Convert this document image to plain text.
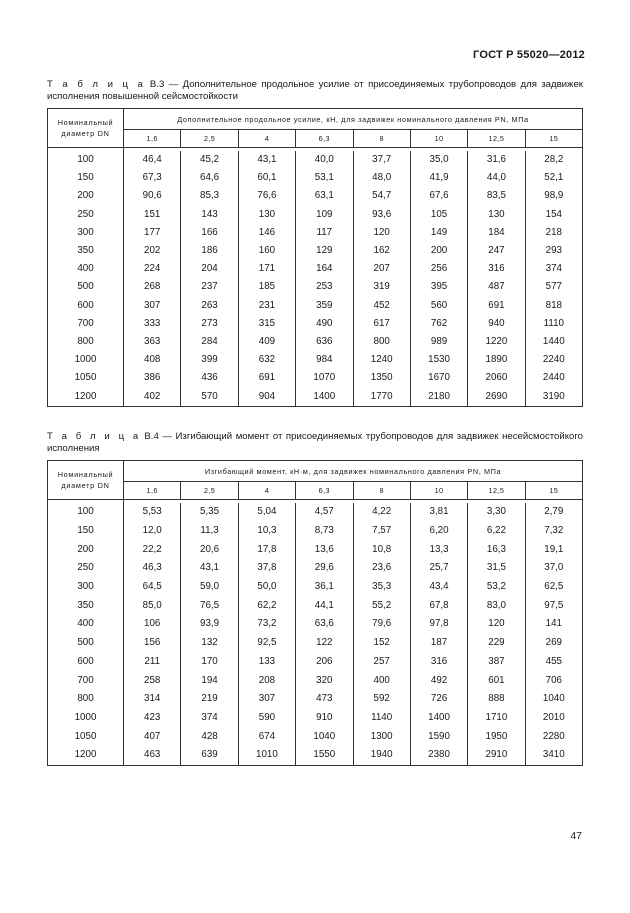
ГОСТ Р 55020—2012
Т а б л и ц а В.3 — Дополнительное продольное усилие от присоединяемых трубопроводов для задвижек исполнения повышенной сейсмостойкости
Номинальный
диаметр DN	Дополнительное продольное усилие, кН, для задвижек номинального давления PN, МПа							
	1,6	2,5	4	6,3	8	10	12,5	15

100	46,4	45,2	43,1	40,0	37,7	35,0	31,6	28,2
150	67,3	64,6	60,1	53,1	48,0	41,9	44,0	52,1
200	90,6	85,3	76,6	63,1	54,7	67,6	83,5	98,9
250	151	143	130	109	93,6	105	130	154
300	177	166	146	117	120	149	184	218
350	202	186	160	129	162	200	247	293
400	224	204	171	164	207	256	316	374
500	268	237	185	253	319	395	487	577
600	307	263	231	359	452	560	691	818
700	333	273	315	490	617	762	940	1110
800	363	284	409	636	800	989	1220	1440
1000	408	399	632	984	1240	1530	1890	2240
1050	386	436	691	1070	1350	1670	2060	2440
1200	402	570	904	1400	1770	2180	2690	3190
Т а б л и ц а В.4 — Изгибающий момент от присоединяемых трубопроводов для задвижек несейсмостойкого исполнения
Номинальный
диаметр DN	Изгибающий момент, кН·м, для задвижек номинального давления PN, МПа							
	1,6	2,5	4	6,3	8	10	12,5	15

100	5,53	5,35	5,04	4,57	4,22	3,81	3,30	2,79
150	12,0	11,3	10,3	8,73	7,57	6,20	6,22	7,32
200	22,2	20,6	17,8	13,6	10,8	13,3	16,3	19,1
250	46,3	43,1	37,8	29,6	23,6	25,7	31,5	37,0
300	64,5	59,0	50,0	36,1	35,3	43,4	53,2	62,5
350	85,0	76,5	62,2	44,1	55,2	67,8	83,0	97,5
400	106	93,9	73,2	63,6	79,6	97,8	120	141
500	156	132	92,5	122	152	187	229	269
600	211	170	133	206	257	316	387	455
700	258	194	208	320	400	492	601	706
800	314	219	307	473	592	726	888	1040
1000	423	374	590	910	1140	1400	1710	2010
1050	407	428	674	1040	1300	1590	1950	2280
1200	463	639	1010	1550	1940	2380	2910	3410
47
